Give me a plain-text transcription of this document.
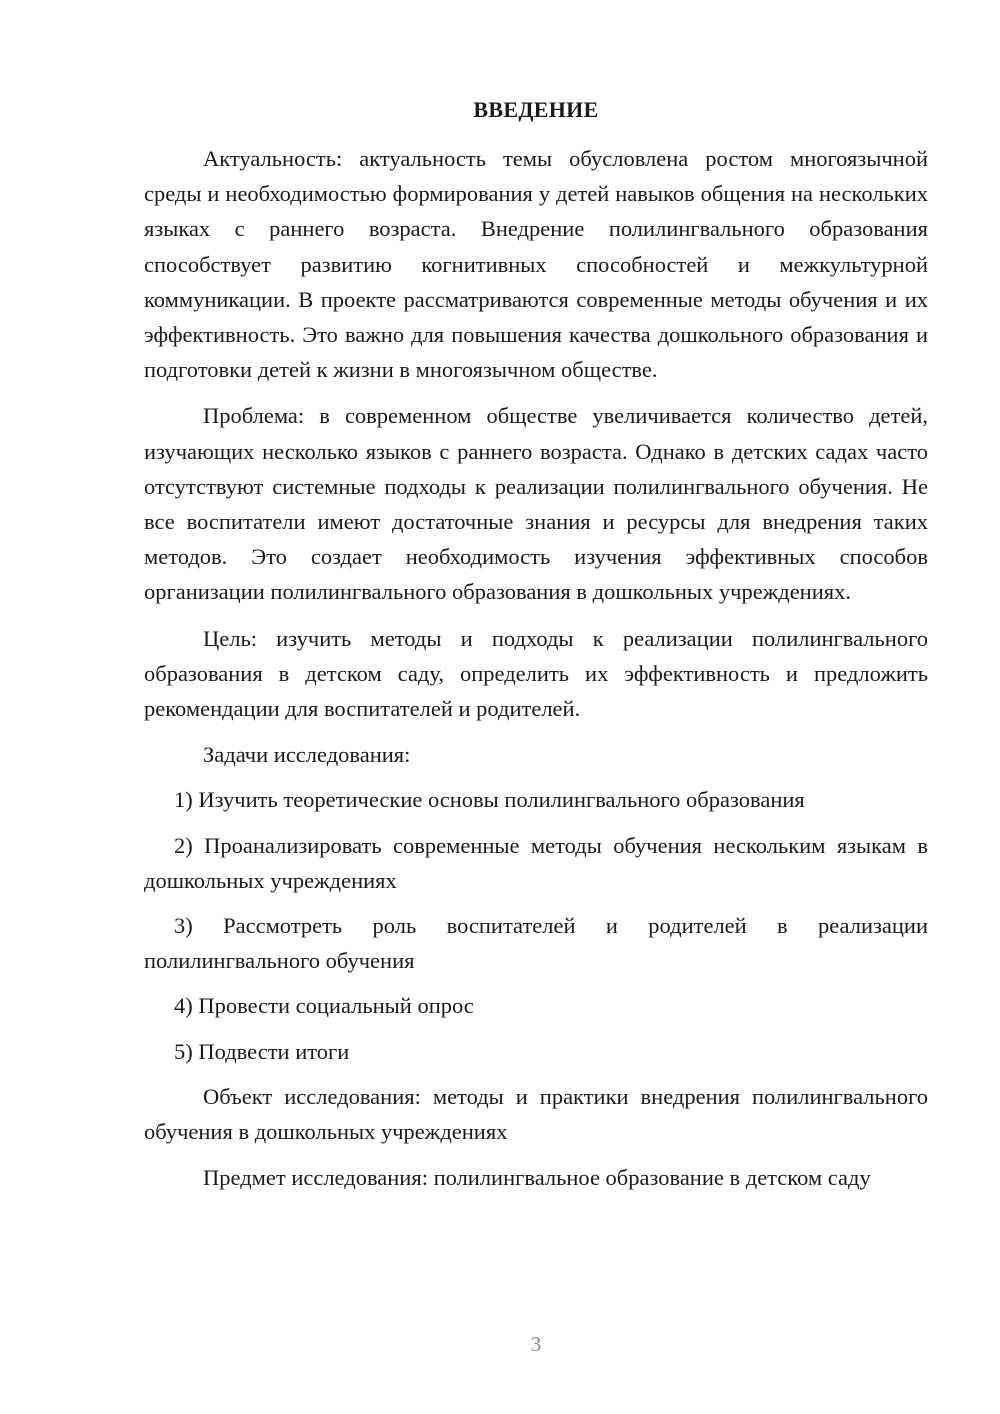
ВВЕДЕНИЕ

Актуальность: актуальность темы обусловлена ростом многоязычной среды и необходимостью формирования у детей навыков общения на нескольких языках с раннего возраста. Внедрение полилингвального образования способствует развитию когнитивных способностей и межкультурной коммуникации. В проекте рассматриваются современные методы обучения и их эффективность. Это важно для повышения качества дошкольного образования и подготовки детей к жизни в многоязычном обществе.

Проблема: в современном обществе увеличивается количество детей, изучающих несколько языков с раннего возраста. Однако в детских садах часто отсутствуют системные подходы к реализации полилингвального обучения. Не все воспитатели имеют достаточные знания и ресурсы для внедрения таких методов. Это создает необходимость изучения эффективных способов организации полилингвального образования в дошкольных учреждениях.

Цель: изучить методы и подходы к реализации полилингвального образования в детском саду, определить их эффективность и предложить рекомендации для воспитателей и родителей.

Задачи исследования:

1) Изучить теоретические основы полилингвального образования

2) Проанализировать современные методы обучения нескольким языкам в дошкольных учреждениях

3) Рассмотреть роль воспитателей и родителей в реализации полилингвального обучения

4) Провести социальный опрос

5) Подвести итоги

Объект исследования: методы и практики внедрения полилингвального обучения в дошкольных учреждениях

Предмет исследования: полилингвальное образование в детском саду

3
